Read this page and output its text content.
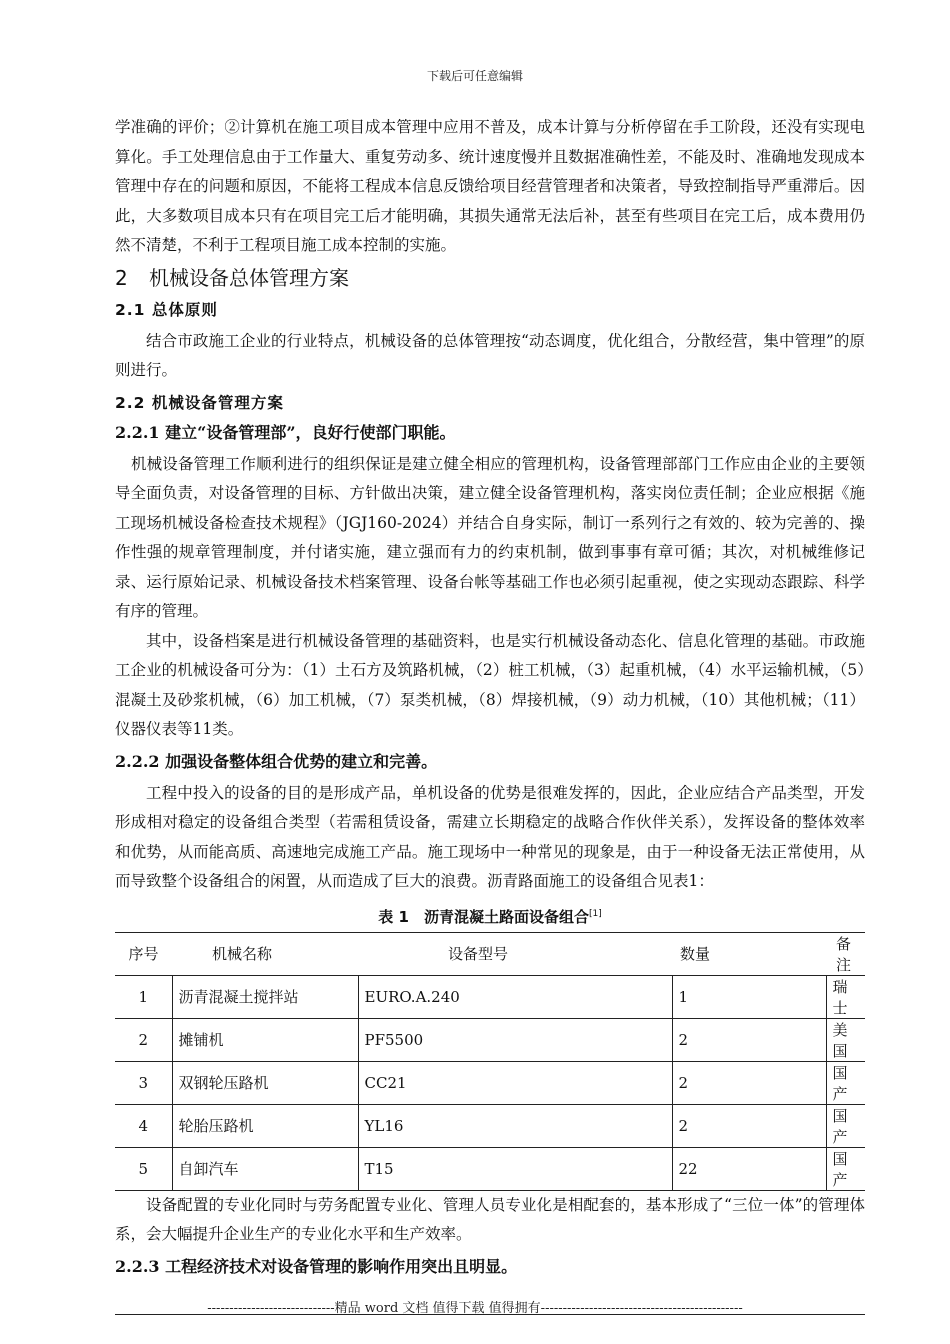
下载后可任意编辑

学准确的评价；②计算机在施工项目成本管理中应用不普及，成本计算与分析停留在手工阶段，还没有实现电算化。手工处理信息由于工作量大、重复劳动多、统计速度慢并且数据准确性差，不能及时、准确地发现成本管理中存在的问题和原因，不能将工程成本信息反馈给项目经营管理者和决策者，导致控制指导严重滞后。因此，大多数项目成本只有在项目完工后才能明确，其损失通常无法后补，甚至有些项目在完工后，成本费用仍然不清楚，不利于工程项目施工成本控制的实施。

2 机械设备总体管理方案
2.1 总体原则

结合市政施工企业的行业特点，机械设备的总体管理按“动态调度，优化组合，分散经营，集中管理”的原则进行。

2.2 机械设备管理方案
2.2.1 建立“设备管理部”，良好行使部门职能。

机械设备管理工作顺利进行的组织保证是建立健全相应的管理机构，设备管理部部门工作应由企业的主要领导全面负责，对设备管理的目标、方针做出决策，建立健全设备管理机构，落实岗位责任制；企业应根据《施工现场机械设备检查技术规程》（JGJ160-2024）并结合自身实际，制订一系列行之有效的、较为完善的、操作性强的规章管理制度，并付诸实施，建立强而有力的约束机制，做到事事有章可循；其次，对机械维修记录、运行原始记录、机械设备技术档案管理、设备台帐等基础工作也必须引起重视，使之实现动态跟踪、科学有序的管理。

其中，设备档案是进行机械设备管理的基础资料，也是实行机械设备动态化、信息化管理的基础。市政施工企业的机械设备可分为：（1）土石方及筑路机械，（2）桩工机械，（3）起重机械，（4）水平运输机械，（5）混凝土及砂浆机械，（6）加工机械，（7）泵类机械，（8）焊接机械，（9）动力机械，（10）其他机械；（11）仪器仪表等11类。

2.2.2 加强设备整体组合优势的建立和完善。

工程中投入的设备的目的是形成产品，单机设备的优势是很难发挥的，因此，企业应结合产品类型，开发形成相对稳定的设备组合类型（若需租赁设备，需建立长期稳定的战略合作伙伴关系），发挥设备的整体效率和优势，从而能高质、高速地完成施工产品。施工现场中一种常见的现象是，由于一种设备无法正常使用，从而导致整个设备组合的闲置，从而造成了巨大的浪费。沥青路面施工的设备组合见表1：

表 1　沥青混凝土路面设备组合[1]
序号	机械名称	设备型号	数量	备注
1	沥青混凝土搅拌站	EURO.A.240	1	瑞士
2	摊铺机	PF5500	2	美国
3	双钢轮压路机	CC21	2	国产
4	轮胎压路机	YL16	2	国产
5	自卸汽车	T15	22	国产

设备配置的专业化同时与劳务配置专业化、管理人员专业化是相配套的，基本形成了“三位一体”的管理体系，会大幅提升企业生产的专业化水平和生产效率。

2.2.3 工程经济技术对设备管理的影响作用突出且明显。
-----------------------------精品 word 文档 值得下载 值得拥有----------------------------------------------
